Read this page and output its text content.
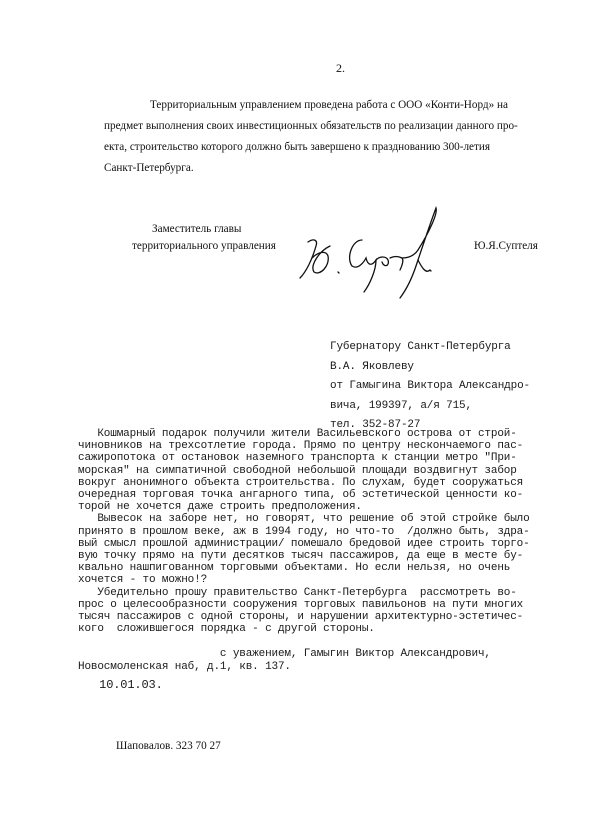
2.
Территориальным управлением проведена работа с ООО «Конти-Норд» на
предмет выполнения своих инвестиционных обязательств по реализации данного про-
екта, строительство которого должно быть завершено к празднованию 300-летия
Санкт-Петербурга.
Заместитель главы
территориального управления	Ю.Я.Суптеля
Губернатору Санкт-Петербурга
В.А. Яковлеву
от Гамыгина Виктора Александро-
вича, 199397, а/я 715,
тел. 352-87-27
Кошмарный подарок получили жители Васильевского острова от строй-
чиновников на трехсотлетие города. Прямо по центру нескончаемого пас-
сажиропотока от остановок наземного транспорта к станции метро "При-
морская" на симпатичной свободной небольшой площади воздвигнут забор
вокруг анонимного объекта строительства. По слухам, будет сооружаться
очередная торговая точка ангарного типа, об эстетической ценности ко-
торой не хочется даже строить предположения.
Вывесок на заборе нет, но говорят, что решение об этой стройке было
принято в прошлом веке, аж в 1994 году, но что-то  /должно быть, здра-
вый смысл прошлой администрации/ помешало бредовой идее строить торго-
вую точку прямо на пути десятков тысяч пассажиров, да еще в месте бу-
квально нашпигованном торговыми объектами. Но если нельзя, но очень
хочется - то можно!?
Убедительно прошу правительство Санкт-Петербурга  рассмотреть во-
прос о целесообразности сооружения торговых павильонов на пути многих
тысяч пассажиров с одной стороны, и нарушении архитектурно-эстетичес-
кого  сложившегося порядка - с другой стороны.
с уважением, Гамыгин Виктор Александрович,
Новосмоленская наб, д.1, кв. 137.
10.01.03.
Шаповалов. 323 70 27
